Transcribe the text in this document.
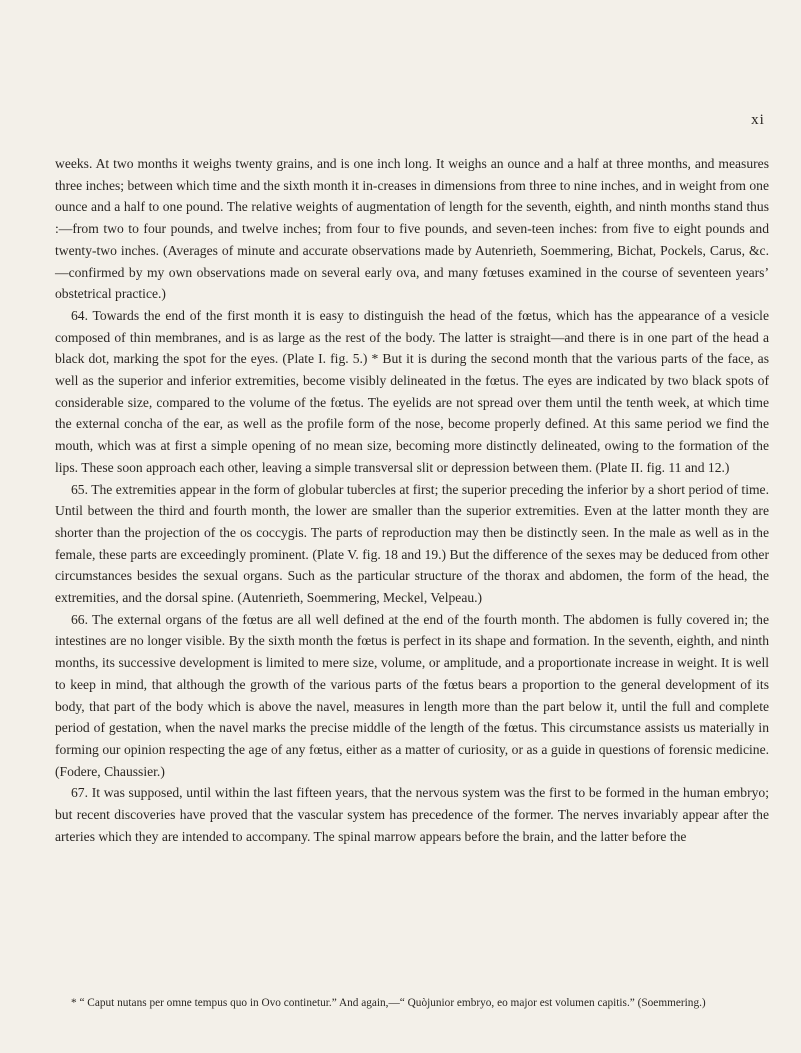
xi

weeks. At two months it weighs twenty grains, and is one inch long. It weighs an ounce and a half at three months, and measures three inches; between which time and the sixth month it in-creases in dimensions from three to nine inches, and in weight from one ounce and a half to one pound. The relative weights of augmentation of length for the seventh, eighth, and ninth months stand thus :—from two to four pounds, and twelve inches; from four to five pounds, and seven-teen inches: from five to eight pounds and twenty-two inches. (Averages of minute and accurate observations made by Autenrieth, Soemmering, Bichat, Pockels, Carus, &c.—confirmed by my own observations made on several early ova, and many fœtuses examined in the course of seventeen years’ obstetrical practice.)

64. Towards the end of the first month it is easy to distinguish the head of the fœtus, which has the appearance of a vesicle composed of thin membranes, and is as large as the rest of the body. The latter is straight—and there is in one part of the head a black dot, marking the spot for the eyes. (Plate I. fig. 5.) * But it is during the second month that the various parts of the face, as well as the superior and inferior extremities, become visibly delineated in the fœtus. The eyes are indicated by two black spots of considerable size, compared to the volume of the fœtus. The eyelids are not spread over them until the tenth week, at which time the external concha of the ear, as well as the profile form of the nose, become properly defined. At this same period we find the mouth, which was at first a simple opening of no mean size, becoming more distinctly delineated, owing to the formation of the lips. These soon approach each other, leaving a simple transversal slit or depression between them. (Plate II. fig. 11 and 12.)

65. The extremities appear in the form of globular tubercles at first; the superior preceding the inferior by a short period of time. Until between the third and fourth month, the lower are smaller than the superior extremities. Even at the latter month they are shorter than the projection of the os coccygis. The parts of reproduction may then be distinctly seen. In the male as well as in the female, these parts are exceedingly prominent. (Plate V. fig. 18 and 19.) But the difference of the sexes may be deduced from other circumstances besides the sexual organs. Such as the particular structure of the thorax and abdomen, the form of the head, the extremities, and the dorsal spine. (Autenrieth, Soemmering, Meckel, Velpeau.)

66. The external organs of the fœtus are all well defined at the end of the fourth month. The abdomen is fully covered in; the intestines are no longer visible. By the sixth month the fœtus is perfect in its shape and formation. In the seventh, eighth, and ninth months, its successive development is limited to mere size, volume, or amplitude, and a proportionate increase in weight. It is well to keep in mind, that although the growth of the various parts of the fœtus bears a proportion to the general development of its body, that part of the body which is above the navel, measures in length more than the part below it, until the full and complete period of gestation, when the navel marks the precise middle of the length of the fœtus. This circumstance assists us materially in forming our opinion respecting the age of any fœtus, either as a matter of curiosity, or as a guide in questions of forensic medicine. (Fodere, Chaussier.)

67. It was supposed, until within the last fifteen years, that the nervous system was the first to be formed in the human embryo; but recent discoveries have proved that the vascular system has precedence of the former. The nerves invariably appear after the arteries which they are intended to accompany. The spinal marrow appears before the brain, and the latter before the

* “ Caput nutans per omne tempus quo in Ovo continetur.” And again,—“ Quòjunior embryo, eo major est volumen capitis.” (Soemmering.)
